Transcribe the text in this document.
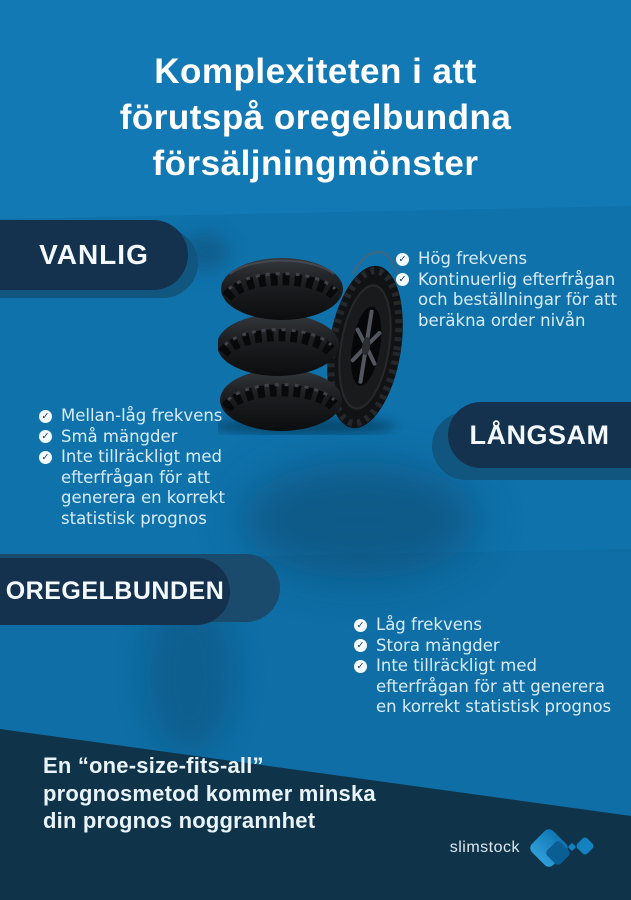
Komplexiteten i att
förutspå oregelbundna
försäljningmönster
VANLIG
LÅNGSAM
OREGELBUNDEN
✓ Hög frekvens
✓ Kontinuerlig efterfrågan
och beställningar för att
beräkna order nivån
✓ Mellan-låg frekvens
✓ Små mängder
✓ Inte tillräckligt med
efterfrågan för att
generera en korrekt
statistisk prognos
✓ Låg frekvens
✓ Stora mängder
✓ Inte tillräckligt med
efterfrågan för att generera
en korrekt statistisk prognos
En “one-size-fits-all”
prognosmetod kommer minska
din prognos noggrannhet
slimstock
